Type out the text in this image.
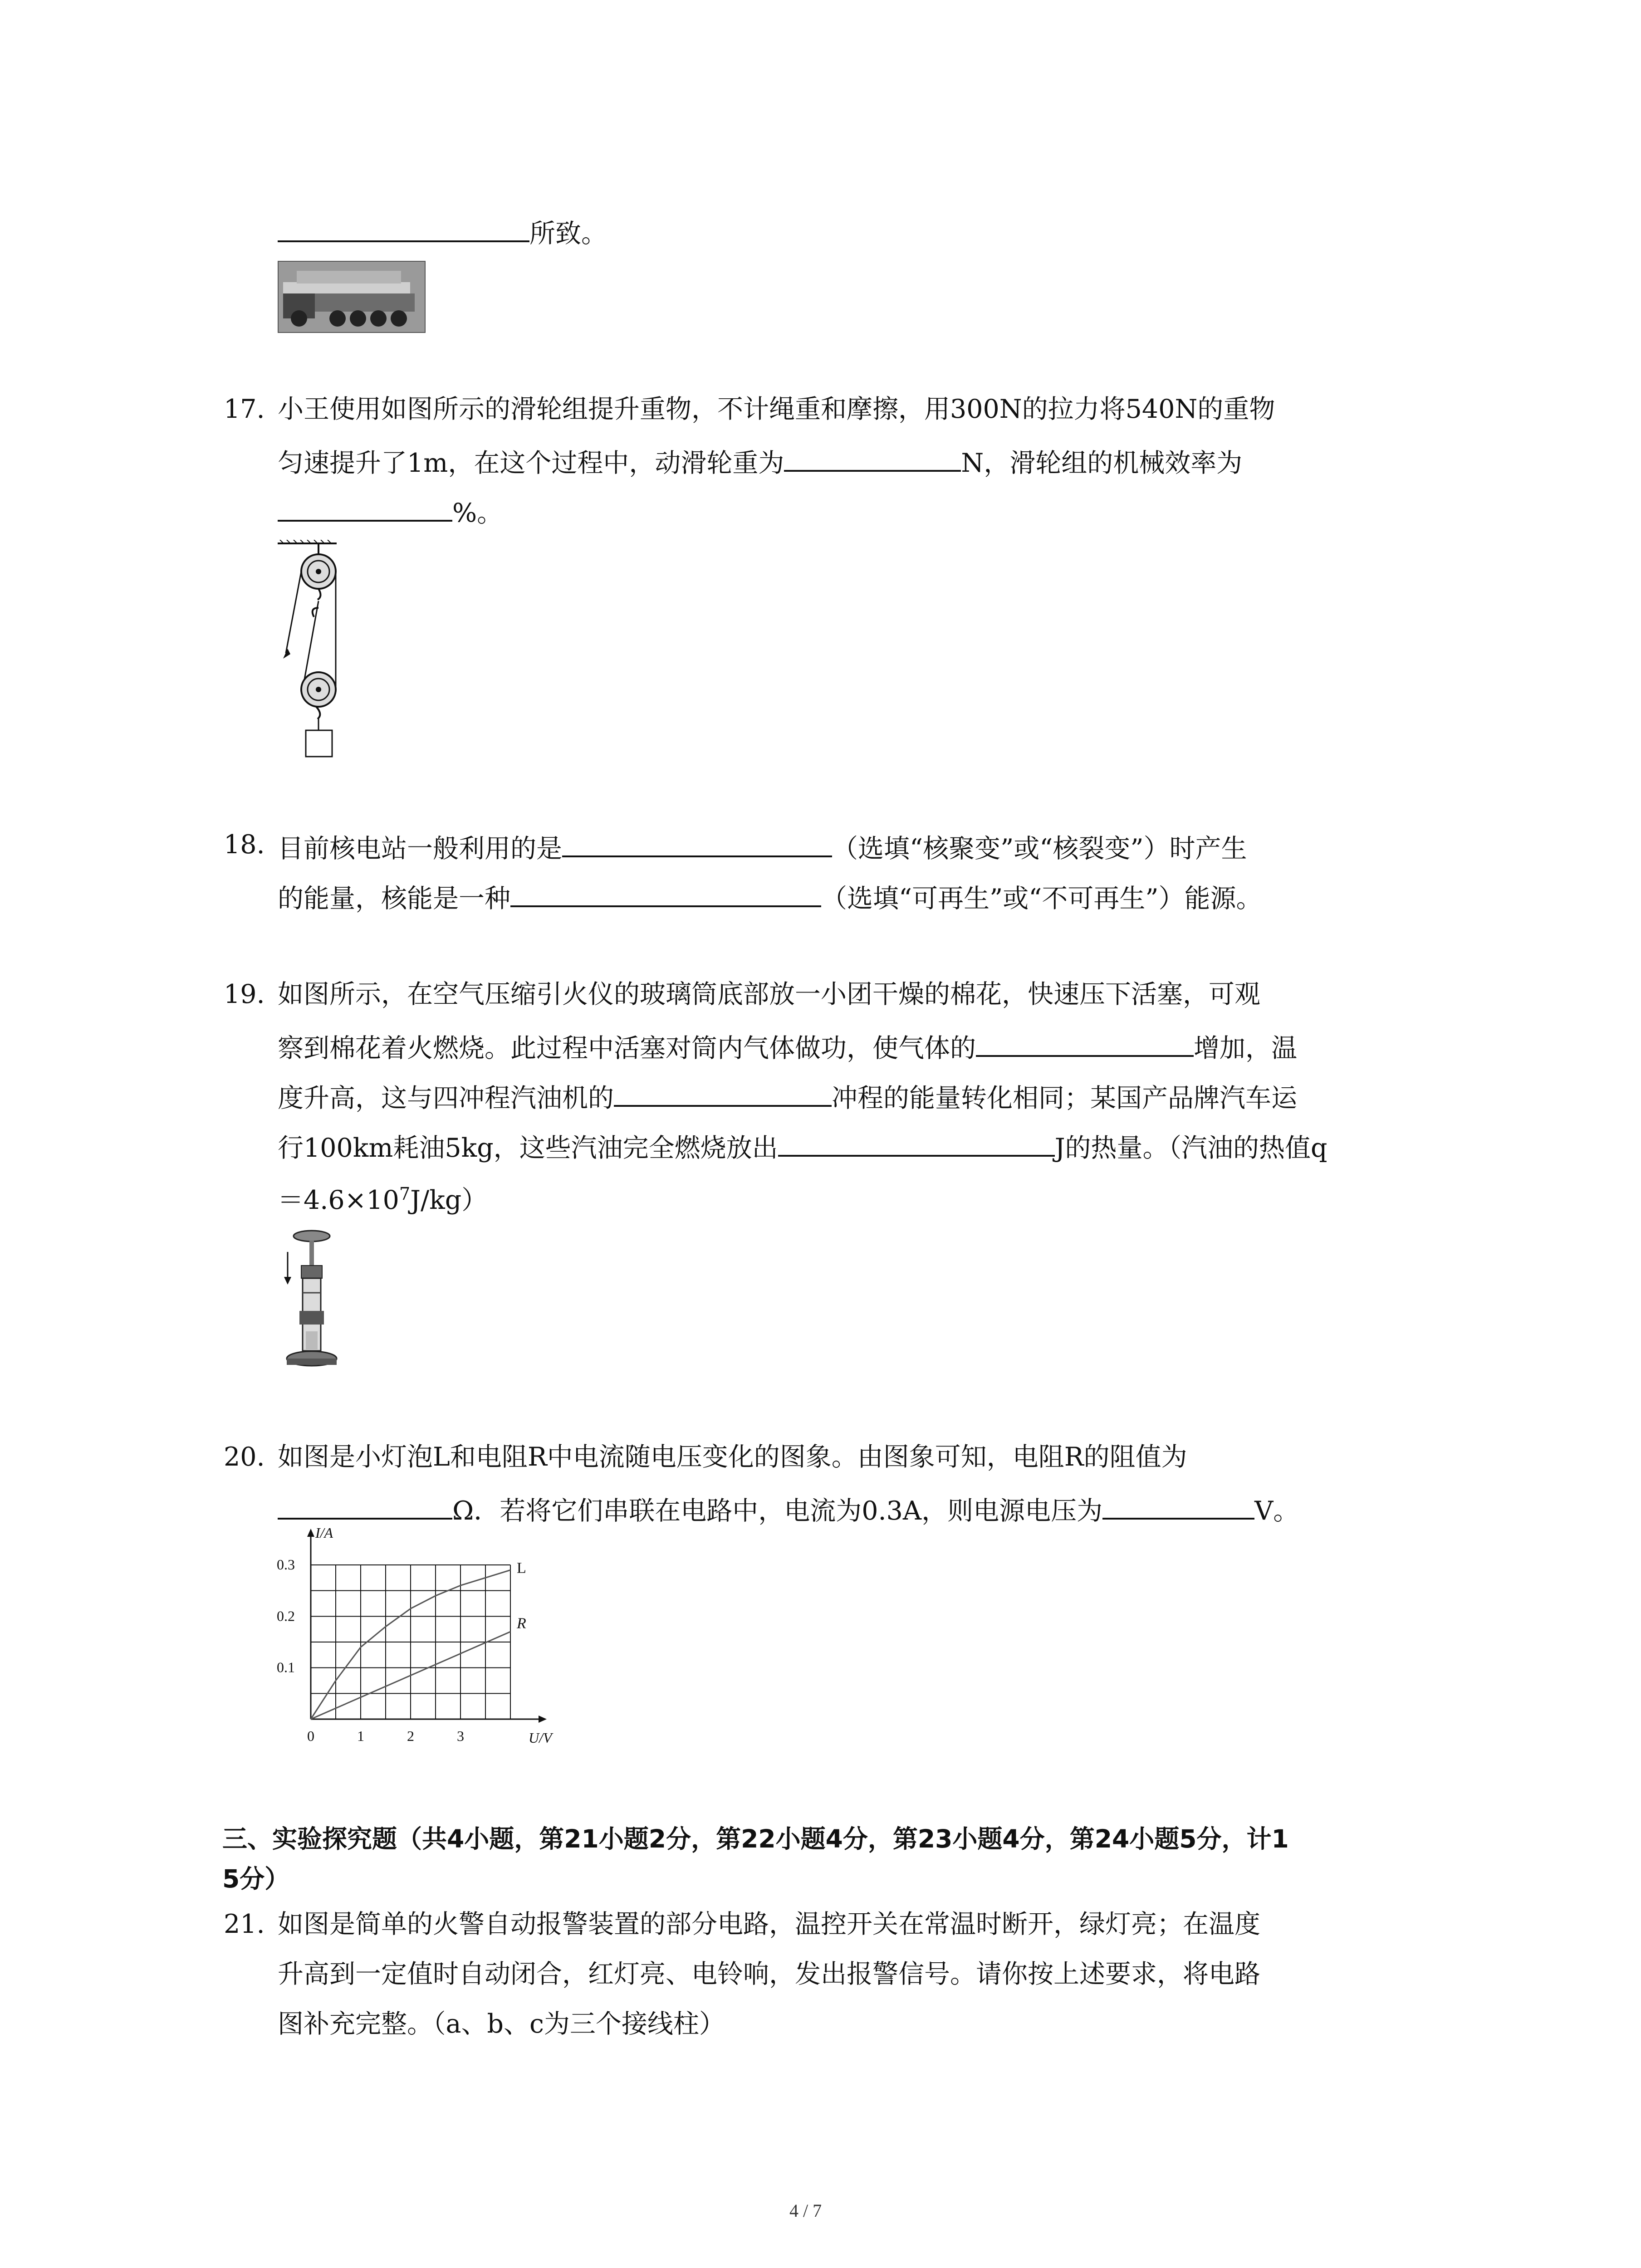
所致。
17. 小王使用如图所示的滑轮组提升重物，不计绳重和摩擦，用300N的拉力将540N的重物
匀速提升了1m，在这个过程中，动滑轮重为	N，滑轮组的机械效率为
%。
18. 目前核电站一般利用的是	（选填“核聚变”或“核裂变”）时产生
的能量，核能是一种	（选填“可再生”或“不可再生”）能源。
19. 如图所示，在空气压缩引火仪的玻璃筒底部放一小团干燥的棉花，快速压下活塞，可观
察到棉花着火燃烧。此过程中活塞对筒内气体做功，使气体的	增加，温
度升高，这与四冲程汽油机的	冲程的能量转化相同；某国产品牌汽车运
行100km耗油5kg，这些汽油完全燃烧放出	J的热量。（汽油的热值q
$=4.6\times 10^7J/kg$）
20. 如图是小灯泡L和电阻R中电流随电压变化的图象。由图象可知，电阻R的阻值为
Ω．若将它们串联在电路中，电流为0.3A，则电源电压为	V。
L
R
0	1	2	3
0.1
0.2
0.3
U/V
I/A
三、实验探究题（共4小题，第21小题2分，第22小题4分，第23小题4分，第24小题5分，计1
5分）
21. 如图是简单的火警自动报警装置的部分电路，温控开关在常温时断开，绿灯亮；在温度
升高到一定值时自动闭合，红灯亮、电铃响，发出报警信号。请你按上述要求，将电路
图补充完整。（a、b、c为三个接线柱）
4 / 7
